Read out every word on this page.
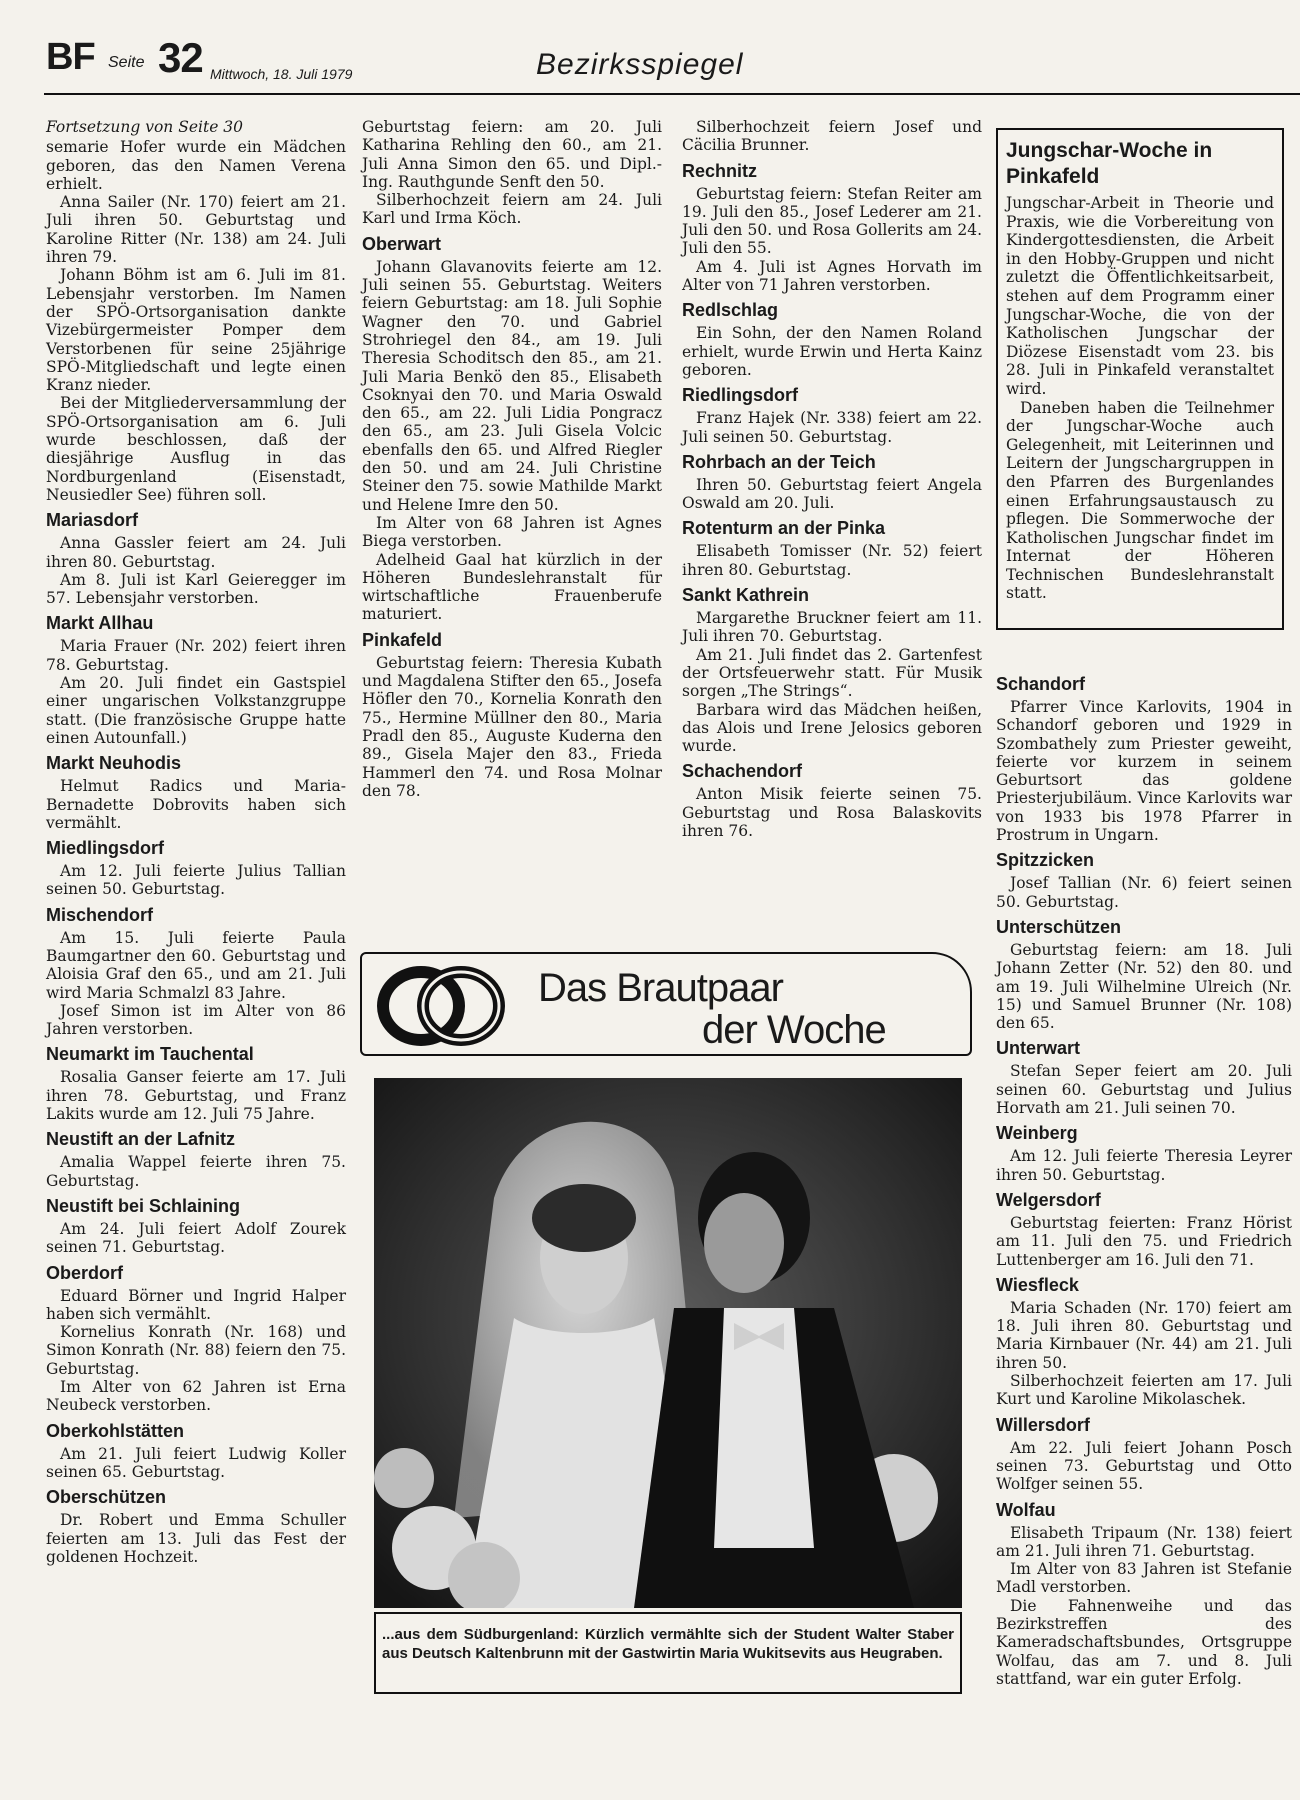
BF Seite 32 Mittwoch, 18. Juli 1979	Bezirksspiegel

Fortsetzung von Seite 30

semarie Hofer wurde ein Mädchen geboren, das den Namen Verena erhielt.

Anna Sailer (Nr. 170) feiert am 21. Juli ihren 50. Geburtstag und Karoline Ritter (Nr. 138) am 24. Juli ihren 79.

Johann Böhm ist am 6. Juli im 81. Lebensjahr verstorben. Im Namen der SPÖ-Ortsorganisation dankte Vizebürgermeister Pomper dem Verstorbenen für seine 25jährige SPÖ-Mitgliedschaft und legte einen Kranz nieder.

Bei der Mitgliederversammlung der SPÖ-Ortsorganisation am 6. Juli wurde beschlossen, daß der diesjährige Ausflug in das Nordburgenland (Eisenstadt, Neusiedler See) führen soll.

Mariasdorf

Anna Gassler feiert am 24. Juli ihren 80. Geburtstag.

Am 8. Juli ist Karl Geieregger im 57. Lebensjahr verstorben.

Markt Allhau

Maria Frauer (Nr. 202) feiert ihren 78. Geburtstag.

Am 20. Juli findet ein Gastspiel einer ungarischen Volkstanzgruppe statt. (Die französische Gruppe hatte einen Autounfall.)

Markt Neuhodis

Helmut Radics und Maria-Bernadette Dobrovits haben sich vermählt.

Miedlingsdorf

Am 12. Juli feierte Julius Tallian seinen 50. Geburtstag.

Mischendorf

Am 15. Juli feierte Paula Baumgartner den 60. Geburtstag und Aloisia Graf den 65., und am 21. Juli wird Maria Schmalzl 83 Jahre.

Josef Simon ist im Alter von 86 Jahren verstorben.

Neumarkt im Tauchental

Rosalia Ganser feierte am 17. Juli ihren 78. Geburtstag, und Franz Lakits wurde am 12. Juli 75 Jahre.

Neustift an der Lafnitz

Amalia Wappel feierte ihren 75. Geburtstag.

Neustift bei Schlaining

Am 24. Juli feiert Adolf Zourek seinen 71. Geburtstag.

Oberdorf

Eduard Börner und Ingrid Halper haben sich vermählt.

Kornelius Konrath (Nr. 168) und Simon Konrath (Nr. 88) feiern den 75. Geburtstag.

Im Alter von 62 Jahren ist Erna Neubeck verstorben.

Oberkohlstätten

Am 21. Juli feiert Ludwig Koller seinen 65. Geburtstag.

Oberschützen

Dr. Robert und Emma Schuller feierten am 13. Juli das Fest der goldenen Hochzeit.

Geburtstag feiern: am 20. Juli Katharina Rehling den 60., am 21. Juli Anna Simon den 65. und Dipl.-Ing. Rauthgunde Senft den 50.

Silberhochzeit feiern am 24. Juli Karl und Irma Köch.

Oberwart

Johann Glavanovits feierte am 12. Juli seinen 55. Geburtstag. Weiters feiern Geburtstag: am 18. Juli Sophie Wagner den 70. und Gabriel Strohriegel den 84., am 19. Juli Theresia Schoditsch den 85., am 21. Juli Maria Benkö den 85., Elisabeth Csoknyai den 70. und Maria Oswald den 65., am 22. Juli Lidia Pongracz den 65., am 23. Juli Gisela Volcic ebenfalls den 65. und Alfred Riegler den 50. und am 24. Juli Christine Steiner den 75. sowie Mathilde Markt und Helene Imre den 50.

Im Alter von 68 Jahren ist Agnes Biega verstorben.

Adelheid Gaal hat kürzlich in der Höheren Bundeslehranstalt für wirtschaftliche Frauenberufe maturiert.

Pinkafeld

Geburtstag feiern: Theresia Kubath und Magdalena Stifter den 65., Josefa Höfler den 70., Kornelia Konrath den 75., Hermine Müllner den 80., Maria Pradl den 85., Auguste Kuderna den 89., Gisela Majer den 83., Frieda Hammerl den 74. und Rosa Molnar den 78.

Silberhochzeit feiern Josef und Cäcilia Brunner.

Rechnitz

Geburtstag feiern: Stefan Reiter am 19. Juli den 85., Josef Lederer am 21. Juli den 50. und Rosa Gollerits am 24. Juli den 55.

Am 4. Juli ist Agnes Horvath im Alter von 71 Jahren verstorben.

Redlschlag

Ein Sohn, der den Namen Roland erhielt, wurde Erwin und Herta Kainz geboren.

Riedlingsdorf

Franz Hajek (Nr. 338) feiert am 22. Juli seinen 50. Geburtstag.

Rohrbach an der Teich

Ihren 50. Geburtstag feiert Angela Oswald am 20. Juli.

Rotenturm an der Pinka

Elisabeth Tomisser (Nr. 52) feiert ihren 80. Geburtstag.

Sankt Kathrein

Margarethe Bruckner feiert am 11. Juli ihren 70. Geburtstag.

Am 21. Juli findet das 2. Gartenfest der Ortsfeuerwehr statt. Für Musik sorgen „The Strings“.

Barbara wird das Mädchen heißen, das Alois und Irene Jelosics geboren wurde.

Schachendorf

Anton Misik feierte seinen 75. Geburtstag und Rosa Balaskovits ihren 76.

Jungschar-Woche in Pinkafeld

Jungschar-Arbeit in Theorie und Praxis, wie die Vorbereitung von Kindergottesdiensten, die Arbeit in den Hobby-Gruppen und nicht zuletzt die Öffentlichkeitsarbeit, stehen auf dem Programm einer Jungschar-Woche, die von der Katholischen Jungschar der Diözese Eisenstadt vom 23. bis 28. Juli in Pinkafeld veranstaltet wird.

Daneben haben die Teilnehmer der Jungschar-Woche auch Gelegenheit, mit Leiterinnen und Leitern der Jungschargruppen in den Pfarren des Burgenlandes einen Erfahrungsaustausch zu pflegen. Die Sommerwoche der Katholischen Jungschar findet im Internat der Höheren Technischen Bundeslehranstalt statt.

Schandorf

Pfarrer Vince Karlovits, 1904 in Schandorf geboren und 1929 in Szombathely zum Priester geweiht, feierte vor kurzem in seinem Geburtsort das goldene Priesterjubiläum. Vince Karlovits war von 1933 bis 1978 Pfarrer in Prostrum in Ungarn.

Spitzzicken

Josef Tallian (Nr. 6) feiert seinen 50. Geburtstag.

Unterschützen

Geburtstag feiern: am 18. Juli Johann Zetter (Nr. 52) den 80. und am 19. Juli Wilhelmine Ulreich (Nr. 15) und Samuel Brunner (Nr. 108) den 65.

Unterwart

Stefan Seper feiert am 20. Juli seinen 60. Geburtstag und Julius Horvath am 21. Juli seinen 70.

Weinberg

Am 12. Juli feierte Theresia Leyrer ihren 50. Geburtstag.

Welgersdorf

Geburtstag feierten: Franz Hörist am 11. Juli den 75. und Friedrich Luttenberger am 16. Juli den 71.

Wiesfleck

Maria Schaden (Nr. 170) feiert am 18. Juli ihren 80. Geburtstag und Maria Kirnbauer (Nr. 44) am 21. Juli ihren 50.

Silberhochzeit feierten am 17. Juli Kurt und Karoline Mikolaschek.

Willersdorf

Am 22. Juli feiert Johann Posch seinen 73. Geburtstag und Otto Wolfger seinen 55.

Wolfau

Elisabeth Tripaum (Nr. 138) feiert am 21. Juli ihren 71. Geburtstag.

Im Alter von 83 Jahren ist Stefanie Madl verstorben.

Die Fahnenweihe und das Bezirkstreffen des Kameradschaftsbundes, Ortsgruppe Wolfau, das am 7. und 8. Juli stattfand, war ein guter Erfolg.

Das Brautpaar
der Woche

...aus dem Südburgenland: Kürzlich vermählte sich der Student Walter Staber aus Deutsch Kaltenbrunn mit der Gastwirtin Maria Wukitsevits aus Heugraben.
